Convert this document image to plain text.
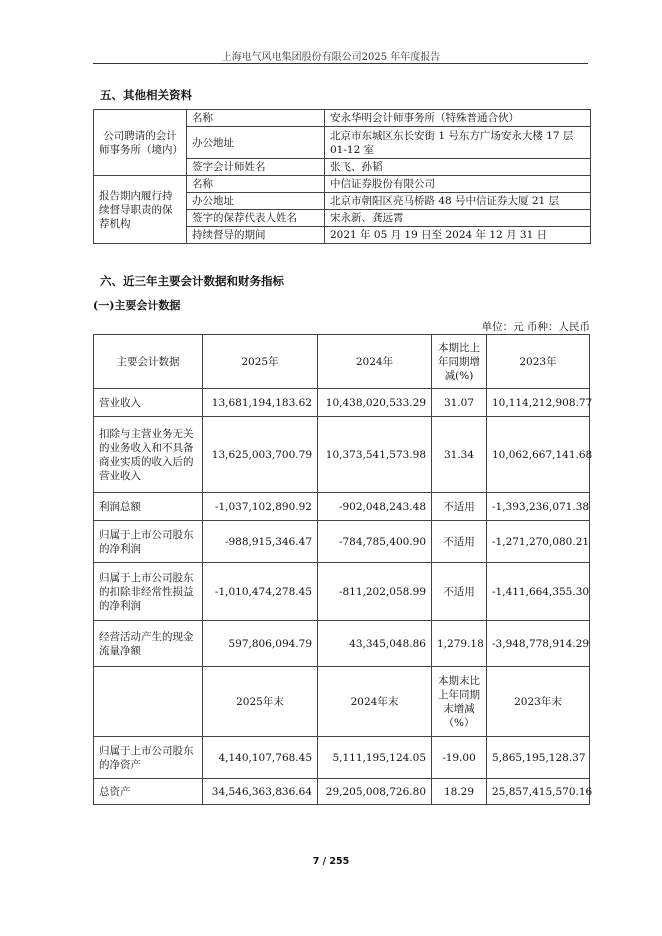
上海电气风电集团股份有限公司2025 年年度报告
五、其他相关资料
公司聘请的会计师事务所（境内）	名称	安永华明会计师事务所（特殊普通合伙）
	办公地址	北京市东城区东长安街 1 号东方广场安永大楼 17 层 01-12 室
	签字会计师姓名	张飞、孙韬
报告期内履行持续督导职责的保荐机构	名称	中信证券股份有限公司
	办公地址	北京市朝阳区亮马桥路 48 号中信证券大厦 21 层
	签字的保荐代表人姓名	宋永新、龚远霄
	持续督导的期间	2021 年 05 月 19 日至 2024 年 12 月 31 日
六、近三年主要会计数据和财务指标
(一)主要会计数据
单位：元 币种：人民币
主要会计数据	2025年	2024年	本期比上年同期增减(%)	2023年
营业收入	13,681,194,183.62	10,438,020,533.29	31.07	10,114,212,908.77
扣除与主营业务无关的业务收入和不具备商业实质的收入后的营业收入	13,625,003,700.79	10,373,541,573.98	31.34	10,062,667,141.68
利润总额	-1,037,102,890.92	-902,048,243.48	不适用	-1,393,236,071.38
归属于上市公司股东的净利润	-988,915,346.47	-784,785,400.90	不适用	-1,271,270,080.21
归属于上市公司股东的扣除非经常性损益的净利润	-1,010,474,278.45	-811,202,058.99	不适用	-1,411,664,355.30
经营活动产生的现金流量净额	597,806,094.79	43,345,048.86	1,279.18	-3,948,778,914.29
	2025年末	2024年末	本期末比上年同期末增减（%）	2023年末
归属于上市公司股东的净资产	4,140,107,768.45	5,111,195,124.05	-19.00	5,865,195,128.37
总资产	34,546,363,836.64	29,205,008,726.80	18.29	25,857,415,570.16
7 / 255
